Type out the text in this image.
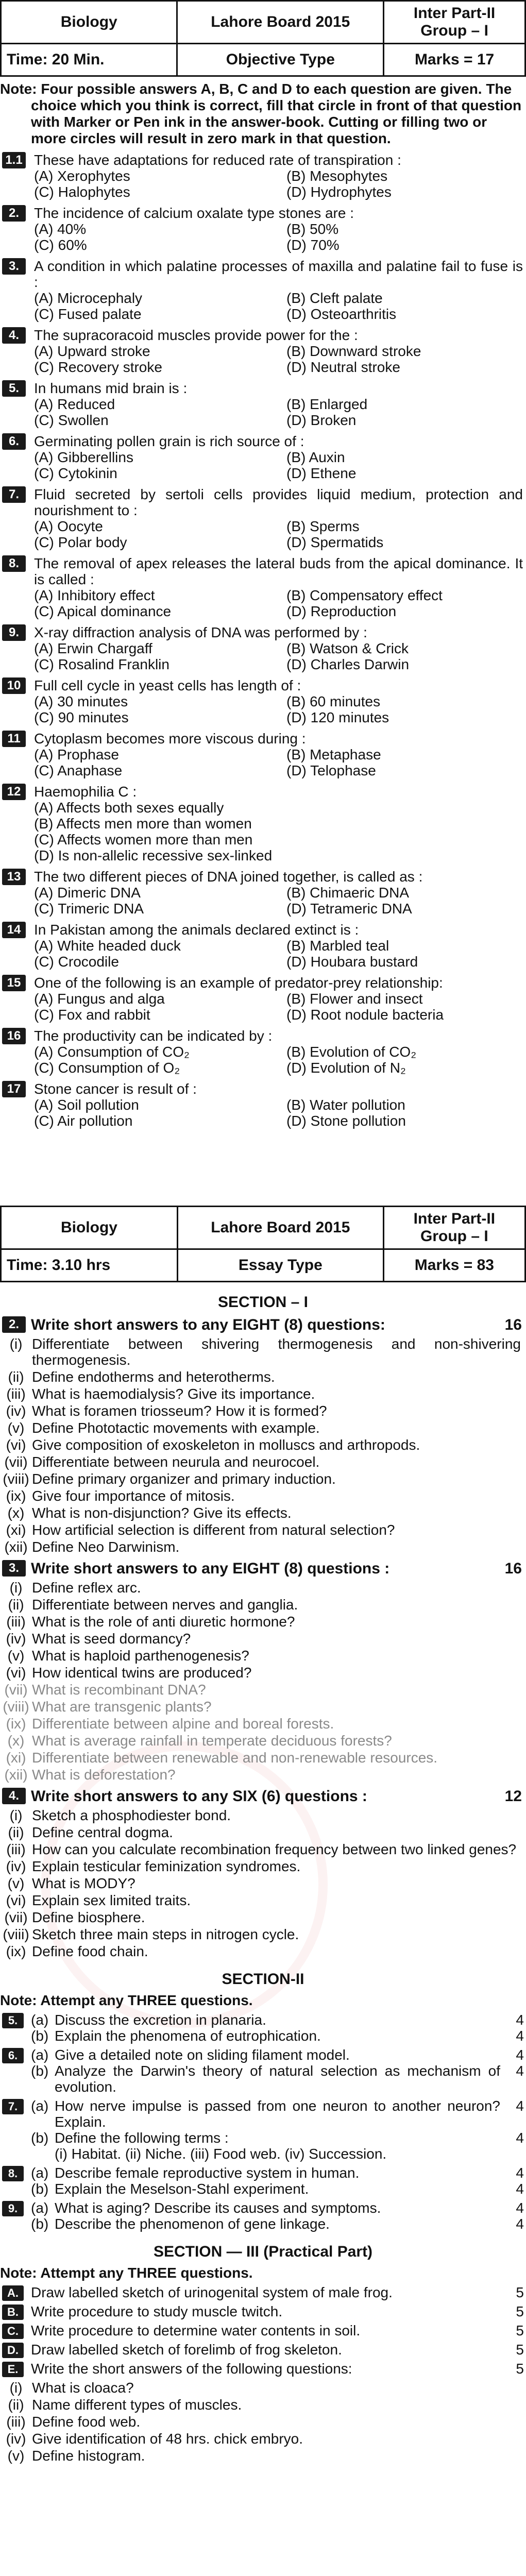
Biology	Lahore Board 2015	Inter Part-II
Group – I

Time: 20 Min.	Objective Type	Marks = 17
Note: Four possible answers A, B, C and D to each question are given. The choice which you think is correct, fill that circle in front of that question with Marker or Pen ink in the answer-book. Cutting or filling two or more circles will result in zero mark in that question.
1.1 These have adaptations for reduced rate of transpiration :
(A) Xerophytes	(B) Mesophytes
(C) Halophytes	(D) Hydrophytes
2.	The incidence of calcium oxalate type stones are :
(A) 40%	(B) 50%
(C) 60%	(D) 70%
3.	A condition in which palatine processes of maxilla and palatine fail to fuse is :
(A) Microcephaly	(B) Cleft palate
(C) Fused palate	(D) Osteoarthritis
4.	The supracoracoid muscles provide power for the :
(A) Upward stroke	(B) Downward stroke
(C) Recovery stroke	(D) Neutral stroke
5.	In humans mid brain is :
(A) Reduced	(B) Enlarged
(C) Swollen	(D) Broken
6.	Germinating pollen grain is rich source of :
(A) Gibberellins	(B) Auxin
(C) Cytokinin	(D) Ethene
7.	Fluid secreted by sertoli cells provides liquid medium, protection and nourishment to :
(A) Oocyte	(B) Sperms
(C) Polar body	(D) Spermatids
8.	The removal of apex releases the lateral buds from the apical dominance. It is called :
(A) Inhibitory effect	(B) Compensatory effect
(C) Apical dominance	(D) Reproduction
9.	X-ray diffraction analysis of DNA was performed by :
(A) Erwin Chargaff	(B) Watson & Crick
(C) Rosalind Franklin	(D) Charles Darwin
10 Full cell cycle in yeast cells has length of :
(A) 30 minutes	(B) 60 minutes
(C) 90 minutes	(D) 120 minutes
11 Cytoplasm becomes more viscous during :
(A) Prophase	(B) Metaphase
(C) Anaphase	(D) Telophase
12 Haemophilia C :
(A) Affects both sexes equally
(B) Affects men more than women
(C) Affects women more than men
(D) Is non-allelic recessive sex-linked
13 The two different pieces of DNA joined together, is called as :
(A) Dimeric DNA	(B) Chimaeric DNA
(C) Trimeric DNA	(D) Tetrameric DNA
14 In Pakistan among the animals declared extinct is :
(A) White headed duck	(B) Marbled teal
(C) Crocodile	(D) Houbara bustard
15 One of the following is an example of predator-prey relationship:
(A) Fungus and alga	(B) Flower and insect
(C) Fox and rabbit	(D) Root nodule bacteria
16 The productivity can be indicated by :
(A) Consumption of CO₂	(B) Evolution of CO₂
(C) Consumption of O₂	(D) Evolution of N₂
17 Stone cancer is result of :
(A) Soil pollution	(B) Water pollution
(C) Air pollution	(D) Stone pollution
Biology	Lahore Board 2015	Inter Part-II
Group – I

Time: 3.10 hrs	Essay Type	Marks = 83
SECTION – I
2. Write short answers to any EIGHT (8) questions:	16
(i) Differentiate between shivering thermogenesis and non-shivering thermogenesis.
(ii) Define endotherms and heterotherms.
(iii) What is haemodialysis? Give its importance.
(iv) What is foramen triosseum? How it is formed?
(v) Define Phototactic movements with example.
(vi) Give composition of exoskeleton in molluscs and arthropods.
(vii) Differentiate between neurula and neurocoel.
(viii) Define primary organizer and primary induction.
(ix) Give four importance of mitosis.
(x) What is non-disjunction? Give its effects.
(xi) How artificial selection is different from natural selection?
(xii) Define Neo Darwinism.
3. Write short answers to any EIGHT (8) questions :	16
(i) Define reflex arc.
(ii) Differentiate between nerves and ganglia.
(iii) What is the role of anti diuretic hormone?
(iv) What is seed dormancy?
(v) What is haploid parthenogenesis?
(vi) How identical twins are produced?
(vii) What is recombinant DNA?
(viii) What are transgenic plants?
(ix) Differentiate between alpine and boreal forests.
(x) What is average rainfall in temperate deciduous forests?
(xi) Differentiate between renewable and non-renewable resources.
(xii) What is deforestation?
4. Write short answers to any SIX (6) questions :	12
(i) Sketch a phosphodiester bond.
(ii) Define central dogma.
(iii) How can you calculate recombination frequency between two linked genes?
(iv) Explain testicular feminization syndromes.
(v) What is MODY?
(vi) Explain sex limited traits.
(vii) Define biosphere.
(viii) Sketch three main steps in nitrogen cycle.
(ix) Define food chain.
SECTION-II
Note: Attempt any THREE questions.
5. (a) Discuss the excretion in planaria.	4
(b) Explain the phenomena of eutrophication.	4
6. (a) Give a detailed note on sliding filament model.	4
(b) Analyze the Darwin's theory of natural selection as mechanism of evolution.
4
7. (a) How nerve impulse is passed from one neuron to another neuron? Explain.
4
(b) Define the following terms :	4
(i) Habitat. (ii) Niche. (iii) Food web. (iv) Succession.
8. (a) Describe female reproductive system in human.	4
(b) Explain the Meselson-Stahl experiment.	4
9. (a) What is aging? Describe its causes and symptoms.	4
(b) Describe the phenomenon of gene linkage.	4
SECTION — III (Practical Part)
Note: Attempt any THREE questions.
A. Draw labelled sketch of urinogenital system of male frog.	5
B. Write procedure to study muscle twitch.	5
C. Write procedure to determine water contents in soil.	5
D. Draw labelled sketch of forelimb of frog skeleton.	5
E. Write the short answers of the following questions:	5
(i) What is cloaca?
(ii) Name different types of muscles.
(iii) Define food web.
(iv) Give identification of 48 hrs. chick embryo.
(v) Define histogram.
